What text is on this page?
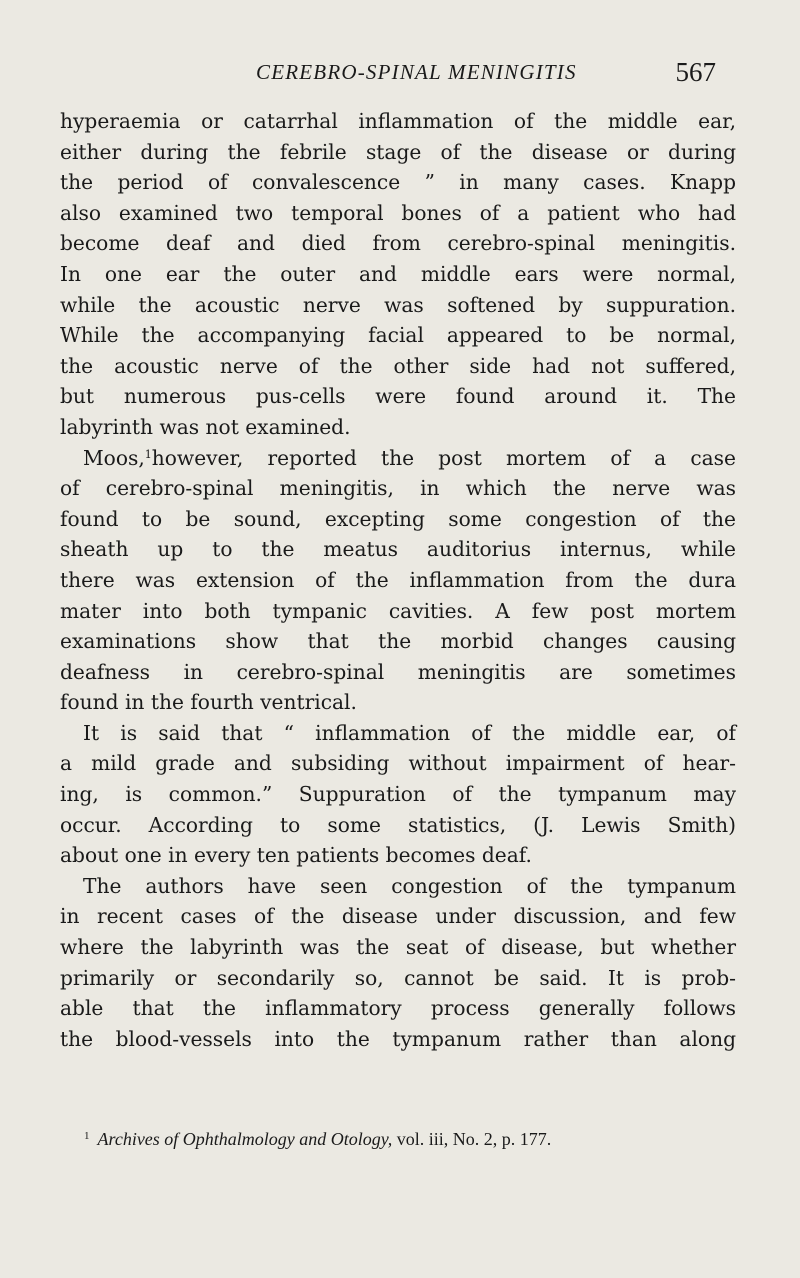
CEREBRO-SPINAL MENINGITIS	567
hyperaemia or catarrhal inflammation of the middle ear,
either during the febrile stage of the disease or during
the period of convalescence ” in many cases. Knapp
also examined two temporal bones of a patient who had
become deaf and died from cerebro-spinal meningitis.
In one ear the outer and middle ears were normal,
while the acoustic nerve was softened by suppuration.
While the accompanying facial appeared to be normal,
the acoustic nerve of the other side had not suffered,
but numerous pus-cells were found around it. The
labyrinth was not examined.
Moos,$^1$however, reported the post mortem of a case
of cerebro-spinal meningitis, in which the nerve was
found to be sound, excepting some congestion of the
sheath up to the meatus auditorius internus, while
there was extension of the inflammation from the dura
mater into both tympanic cavities. A few post mortem
examinations show that the morbid changes causing
deafness in cerebro-spinal meningitis are sometimes
found in the fourth ventrical.
It is said that “ inflammation of the middle ear, of
a mild grade and subsiding without impairment of hear-
ing, is common.” Suppuration of the tympanum may
occur. According to some statistics, (J. Lewis Smith)
about one in every ten patients becomes deaf.
The authors have seen congestion of the tympanum
in recent cases of the disease under discussion, and few
where the labyrinth was the seat of disease, but whether
primarily or secondarily so, cannot be said. It is prob-
able that the inflammatory process generally follows
the blood-vessels into the tympanum rather than along
$^1$ Archives of Ophthalmology and Otology, vol. iii, No. 2, p. 177.
